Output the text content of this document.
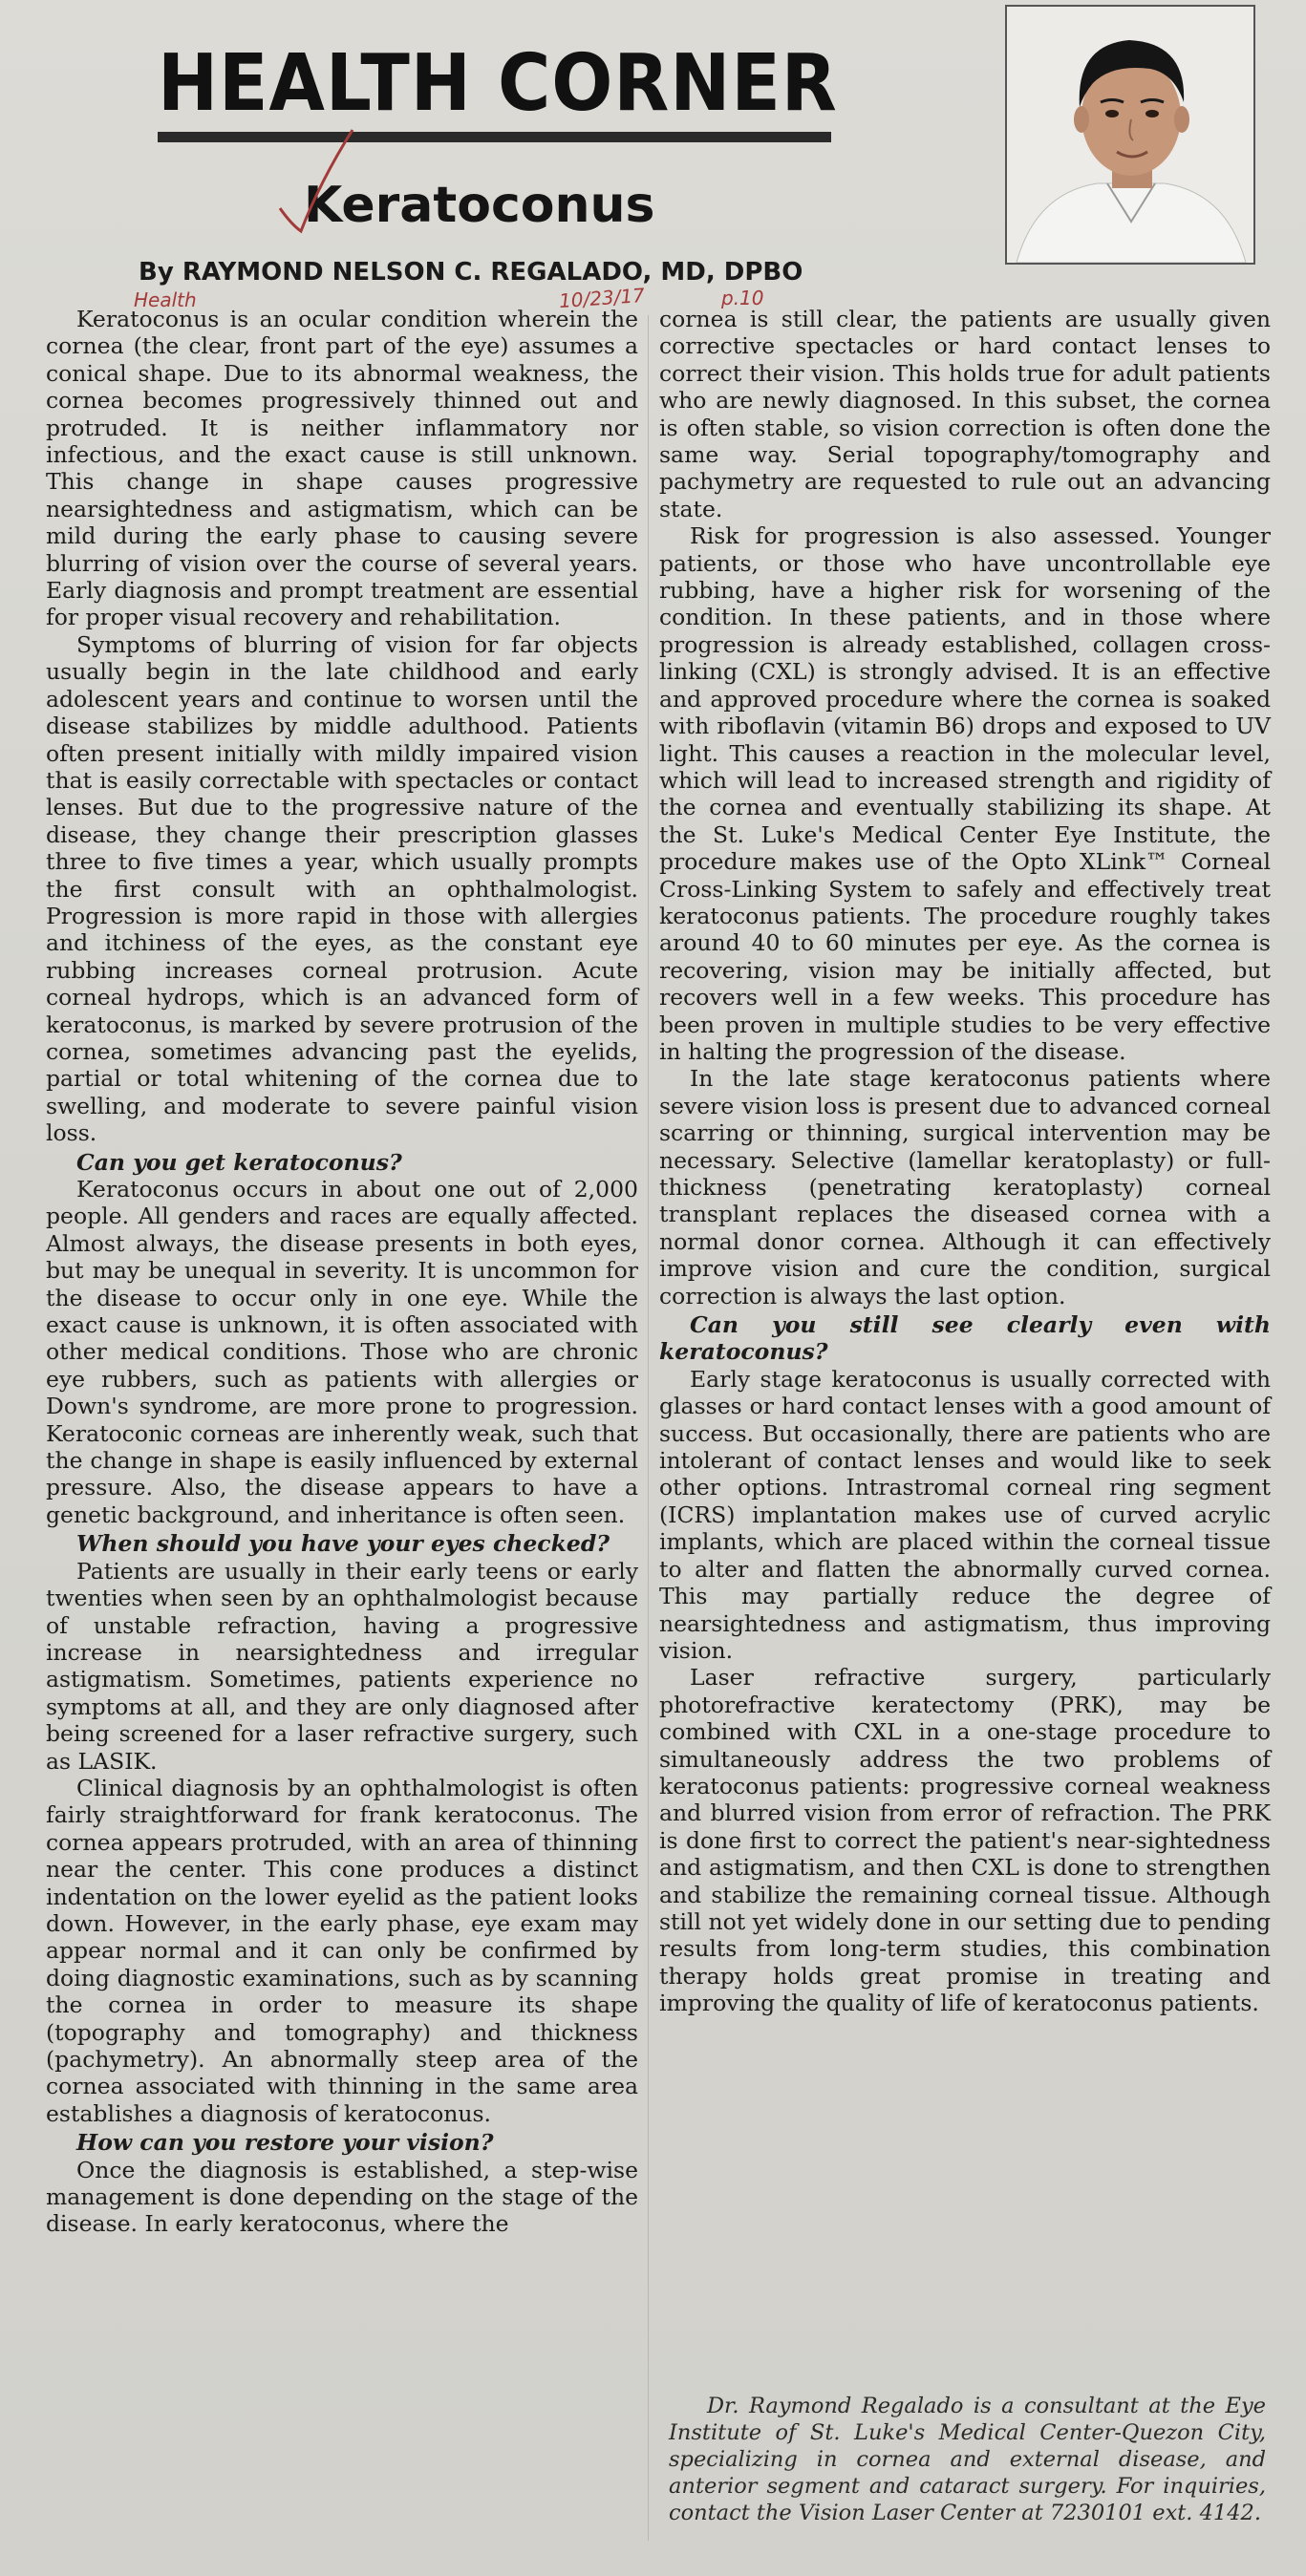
HEALTH CORNER
Keratoconus
By RAYMOND NELSON C. REGALADO, MD, DPBO
Health	10/23/17	p.10

Keratoconus is an ocular condition wherein the cornea (the clear, front part of the eye) assumes a conical shape. Due to its abnormal weakness, the cornea becomes progressively thinned out and protruded. It is neither inflammatory nor infectious, and the exact cause is still unknown. This change in shape causes progressive nearsightedness and astigmatism, which can be mild during the early phase to causing severe blurring of vision over the course of several years. Early diagnosis and prompt treatment are essential for proper visual recovery and rehabilitation.

Symptoms of blurring of vision for far objects usually begin in the late childhood and early adolescent years and continue to worsen until the disease stabilizes by middle adulthood. Patients often present initially with mildly impaired vision that is easily correctable with spectacles or contact lenses. But due to the progressive nature of the disease, they change their prescription glasses three to five times a year, which usually prompts the first consult with an ophthalmologist. Progression is more rapid in those with allergies and itchiness of the eyes, as the constant eye rubbing increases corneal protrusion. Acute corneal hydrops, which is an advanced form of keratoconus, is marked by severe protrusion of the cornea, sometimes advancing past the eyelids, partial or total whitening of the cornea due to swelling, and moderate to severe painful vision loss.

Can you get keratoconus?

Keratoconus occurs in about one out of 2,000 people. All genders and races are equally affected. Almost always, the disease presents in both eyes, but may be unequal in severity. It is uncommon for the disease to occur only in one eye. While the exact cause is unknown, it is often associated with other medical conditions. Those who are chronic eye rubbers, such as patients with allergies or Down's syndrome, are more prone to progression. Keratoconic corneas are inherently weak, such that the change in shape is easily influenced by external pressure. Also, the disease appears to have a genetic background, and inheritance is often seen.

When should you have your eyes checked?

Patients are usually in their early teens or early twenties when seen by an ophthalmologist because of unstable refraction, having a progressive increase in nearsightedness and irregular astigmatism. Sometimes, patients experience no symptoms at all, and they are only diagnosed after being screened for a laser refractive surgery, such as LASIK.

Clinical diagnosis by an ophthalmologist is often fairly straightforward for frank keratoconus. The cornea appears protruded, with an area of thinning near the center. This cone produces a distinct indentation on the lower eyelid as the patient looks down. However, in the early phase, eye exam may appear normal and it can only be confirmed by doing diagnostic examinations, such as by scanning the cornea in order to measure its shape (topography and tomography) and thickness (pachymetry). An abnormally steep area of the cornea associated with thinning in the same area establishes a diagnosis of keratoconus.

How can you restore your vision?

Once the diagnosis is established, a step-wise management is done depending on the stage of the disease. In early keratoconus, where the

cornea is still clear, the patients are usually given corrective spectacles or hard contact lenses to correct their vision. This holds true for adult patients who are newly diagnosed. In this subset, the cornea is often stable, so vision correction is often done the same way. Serial topography/tomography and pachymetry are requested to rule out an advancing state.

Risk for progression is also assessed. Younger patients, or those who have uncontrollable eye rubbing, have a higher risk for worsening of the condition. In these patients, and in those where progression is already established, collagen cross-linking (CXL) is strongly advised. It is an effective and approved procedure where the cornea is soaked with riboflavin (vitamin B6) drops and exposed to UV light. This causes a reaction in the molecular level, which will lead to increased strength and rigidity of the cornea and eventually stabilizing its shape. At the St. Luke's Medical Center Eye Institute, the procedure makes use of the Opto XLink™ Corneal Cross-Linking System to safely and effectively treat keratoconus patients. The procedure roughly takes around 40 to 60 minutes per eye. As the cornea is recovering, vision may be initially affected, but recovers well in a few weeks. This procedure has been proven in multiple studies to be very effective in halting the progression of the disease.

In the late stage keratoconus patients where severe vision loss is present due to advanced corneal scarring or thinning, surgical intervention may be necessary. Selective (lamellar keratoplasty) or full-thickness (penetrating keratoplasty) corneal transplant replaces the diseased cornea with a normal donor cornea. Although it can effectively improve vision and cure the condition, surgical correction is always the last option.

Can you still see clearly even with keratoconus?

Early stage keratoconus is usually corrected with glasses or hard contact lenses with a good amount of success. But occasionally, there are patients who are intolerant of contact lenses and would like to seek other options. Intrastromal corneal ring segment (ICRS) implantation makes use of curved acrylic implants, which are placed within the corneal tissue to alter and flatten the abnormally curved cornea. This may partially reduce the degree of nearsightedness and astigmatism, thus improving vision.

Laser refractive surgery, particularly photorefractive keratectomy (PRK), may be combined with CXL in a one-stage procedure to simultaneously address the two problems of keratoconus patients: progressive corneal weakness and blurred vision from error of refraction. The PRK is done first to correct the patient's near-sightedness and astigmatism, and then CXL is done to strengthen and stabilize the remaining corneal tissue. Although still not yet widely done in our setting due to pending results from long-term studies, this combination therapy holds great promise in treating and improving the quality of life of keratoconus patients.

Dr. Raymond Regalado is a consultant at the Eye Institute of St. Luke's Medical Center-Quezon City, specializing in cornea and external disease, and anterior segment and cataract surgery. For inquiries, contact the Vision Laser Center at 7230101 ext. 4142.
